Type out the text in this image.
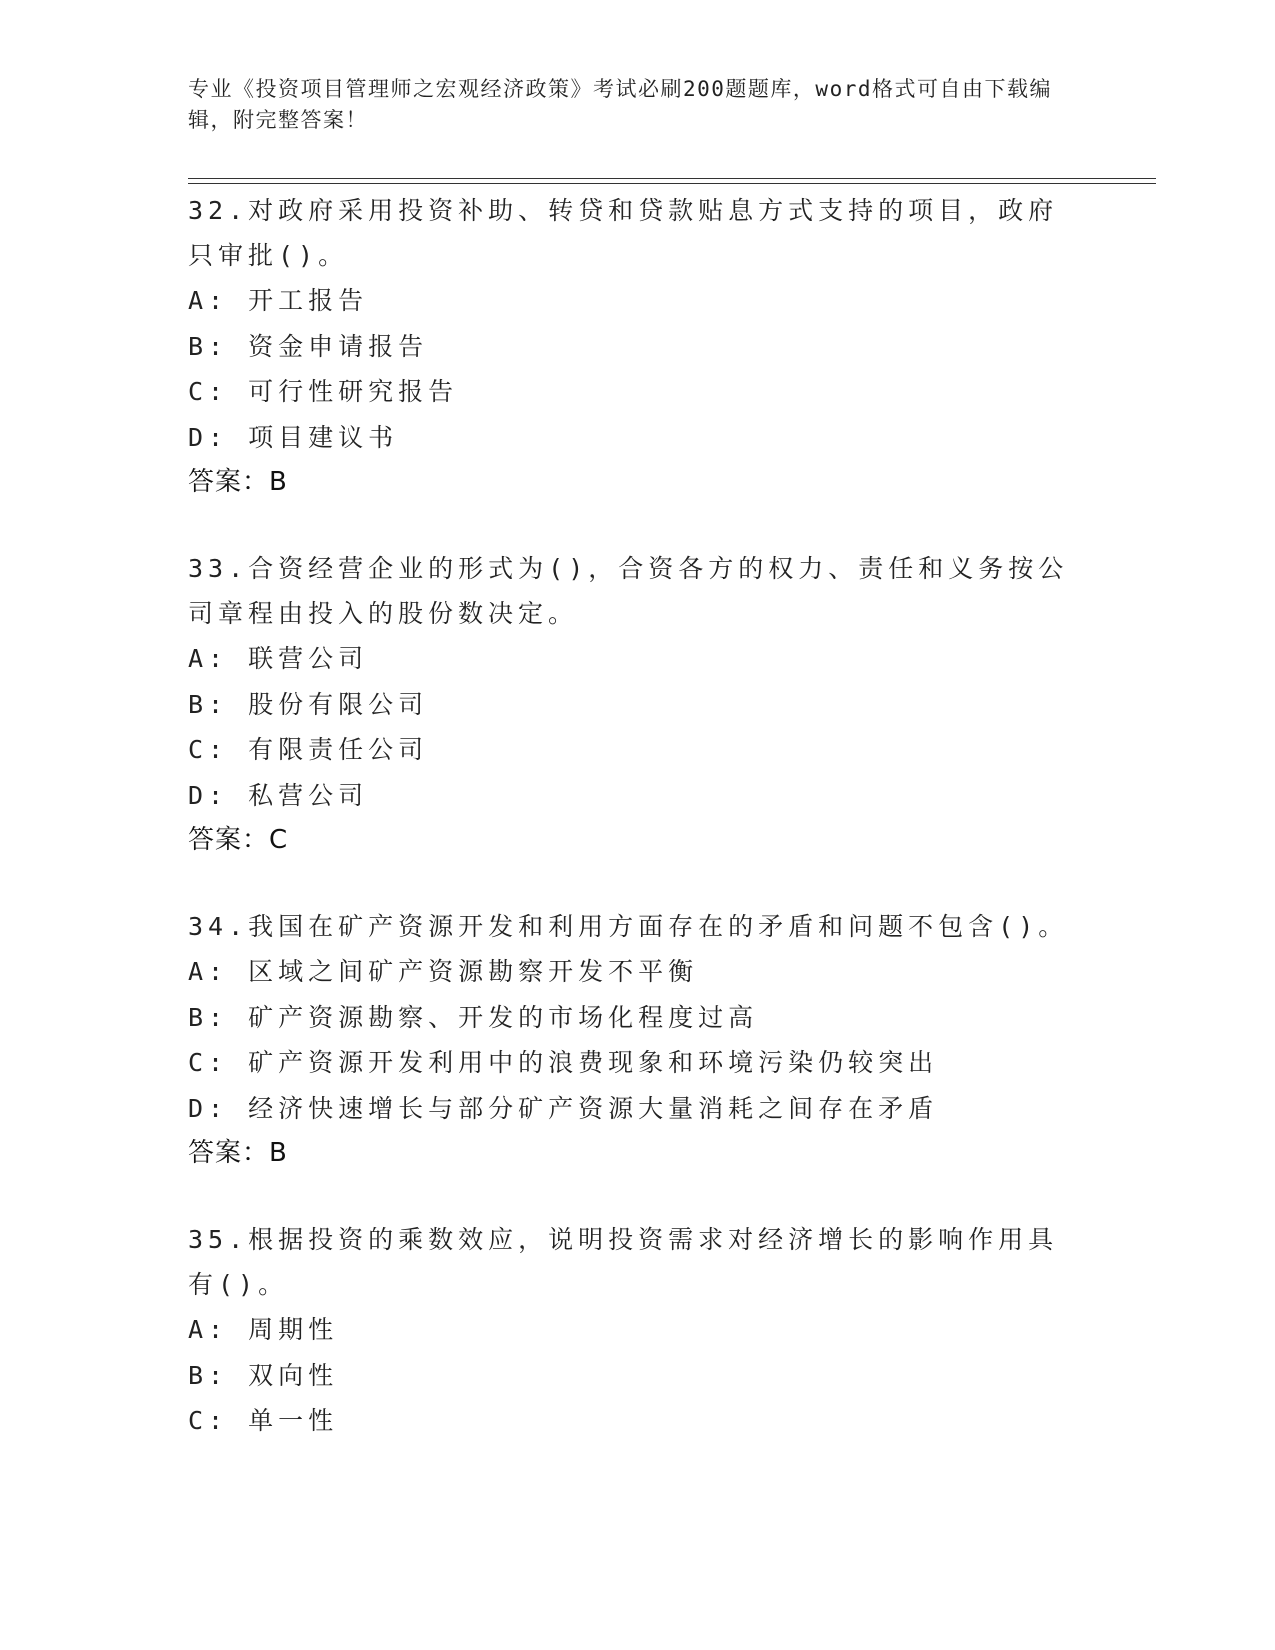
专业《投资项目管理师之宏观经济政策》考试必刷200题题库，word格式可自由下载编辑，附完整答案！

32.对政府采用投资补助、转贷和贷款贴息方式支持的项目，政府只审批()。

A: 开工报告

B: 资金申请报告

C: 可行性研究报告

D: 项目建议书

答案：B

33.合资经营企业的形式为()，合资各方的权力、责任和义务按公司章程由投入的股份数决定。

A: 联营公司

B: 股份有限公司

C: 有限责任公司

D: 私营公司

答案：C

34.我国在矿产资源开发和利用方面存在的矛盾和问题不包含()。

A: 区域之间矿产资源勘察开发不平衡

B: 矿产资源勘察、开发的市场化程度过高

C: 矿产资源开发利用中的浪费现象和环境污染仍较突出

D: 经济快速增长与部分矿产资源大量消耗之间存在矛盾

答案：B

35.根据投资的乘数效应，说明投资需求对经济增长的影响作用具有()。

A: 周期性

B: 双向性

C: 单一性
